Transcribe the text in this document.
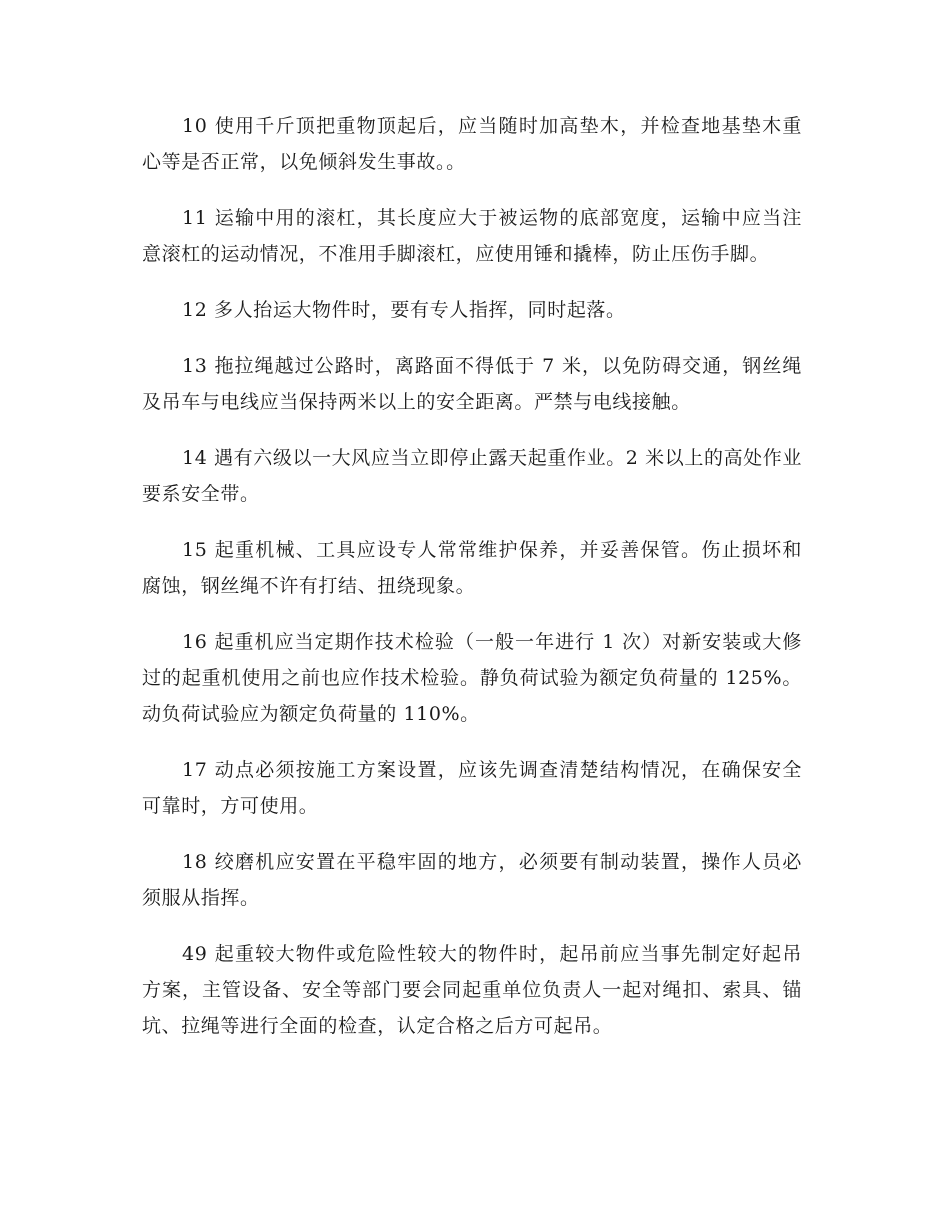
10 使用千斤顶把重物顶起后，应当随时加高垫木，并检查地基垫木重心等是否正常，以免倾斜发生事故。。

11 运输中用的滚杠，其长度应大于被运物的底部宽度，运输中应当注意滚杠的运动情况，不准用手脚滚杠，应使用锤和撬棒，防止压伤手脚。

12 多人抬运大物件时，要有专人指挥，同时起落。

13 拖拉绳越过公路时，离路面不得低于 7 米，以免防碍交通，钢丝绳及吊车与电线应当保持两米以上的安全距离。严禁与电线接触。

14 遇有六级以一大风应当立即停止露天起重作业。2 米以上的高处作业要系安全带。

15 起重机械、工具应设专人常常维护保养，并妥善保管。伤止损坏和腐蚀，钢丝绳不许有打结、扭绕现象。

16 起重机应当定期作技术检验（一般一年进行 1 次）对新安装或大修过的起重机使用之前也应作技术检验。静负荷试验为额定负荷量的 125%。动负荷试验应为额定负荷量的 110%。

17 动点必须按施工方案设置，应该先调查清楚结构情况，在确保安全可靠时，方可使用。

18 绞磨机应安置在平稳牢固的地方，必须要有制动装置，操作人员必须服从指挥。

49 起重较大物件或危险性较大的物件时，起吊前应当事先制定好起吊方案，主管设备、安全等部门要会同起重单位负责人一起对绳扣、索具、锚坑、拉绳等进行全面的检查，认定合格之后方可起吊。
